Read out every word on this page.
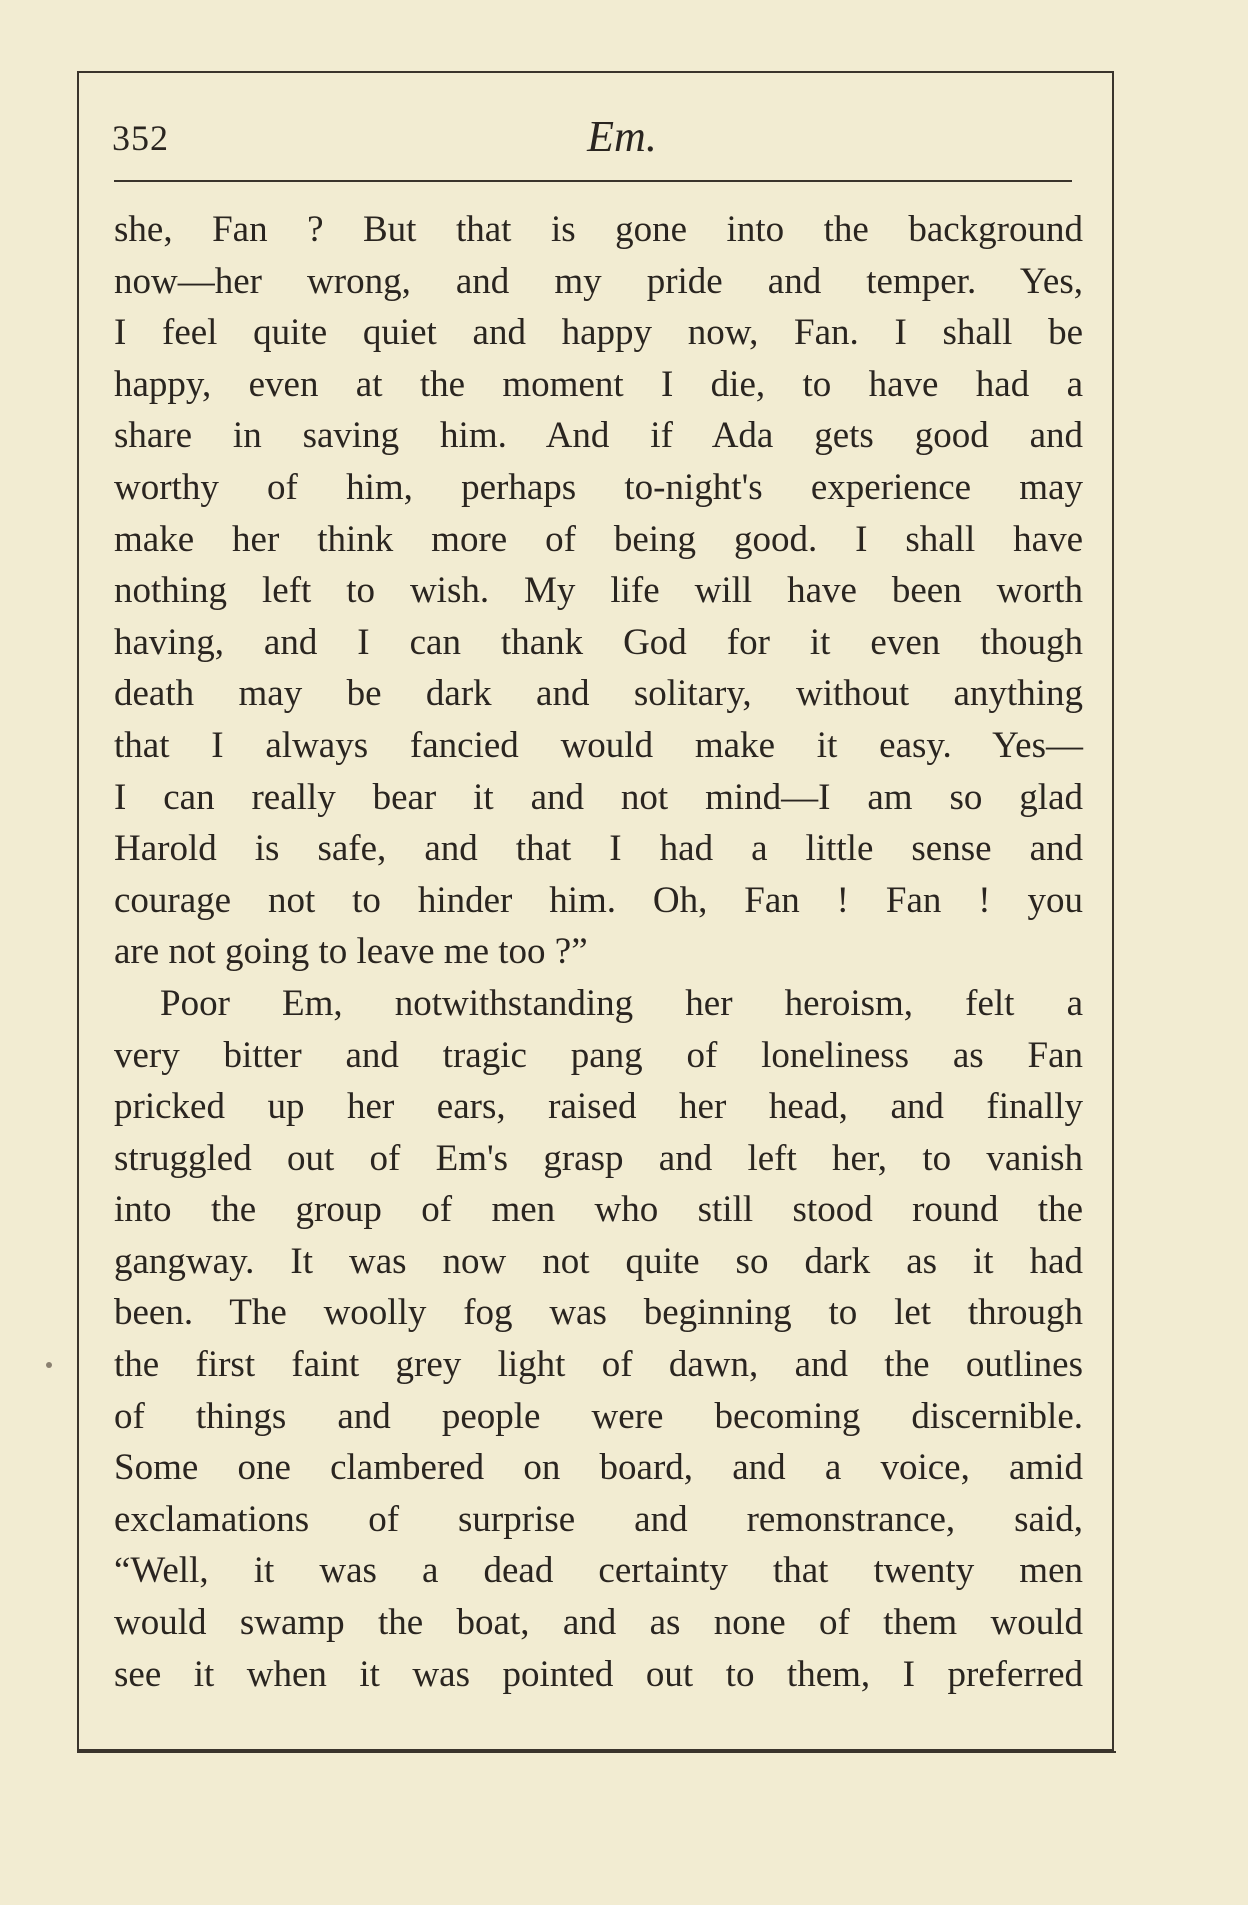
352	Em.
she, Fan ? But that is gone into the background
now—her wrong, and my pride and temper. Yes,
I feel quite quiet and happy now, Fan. I shall be
happy, even at the moment I die, to have had a
share in saving him. And if Ada gets good and
worthy of him, perhaps to-night's experience may
make her think more of being good. I shall have
nothing left to wish. My life will have been worth
having, and I can thank God for it even though
death may be dark and solitary, without anything
that I always fancied would make it easy. Yes—
I can really bear it and not mind—I am so glad
Harold is safe, and that I had a little sense and
courage not to hinder him. Oh, Fan ! Fan ! you
are not going to leave me too ?”
Poor Em, notwithstanding her heroism, felt a
very bitter and tragic pang of loneliness as Fan
pricked up her ears, raised her head, and finally
struggled out of Em's grasp and left her, to vanish
into the group of men who still stood round the
gangway. It was now not quite so dark as it had
been. The woolly fog was beginning to let through
the first faint grey light of dawn, and the outlines
of things and people were becoming discernible.
Some one clambered on board, and a voice, amid
exclamations of surprise and remonstrance, said,
“Well, it was a dead certainty that twenty men
would swamp the boat, and as none of them would
see it when it was pointed out to them, I preferred
